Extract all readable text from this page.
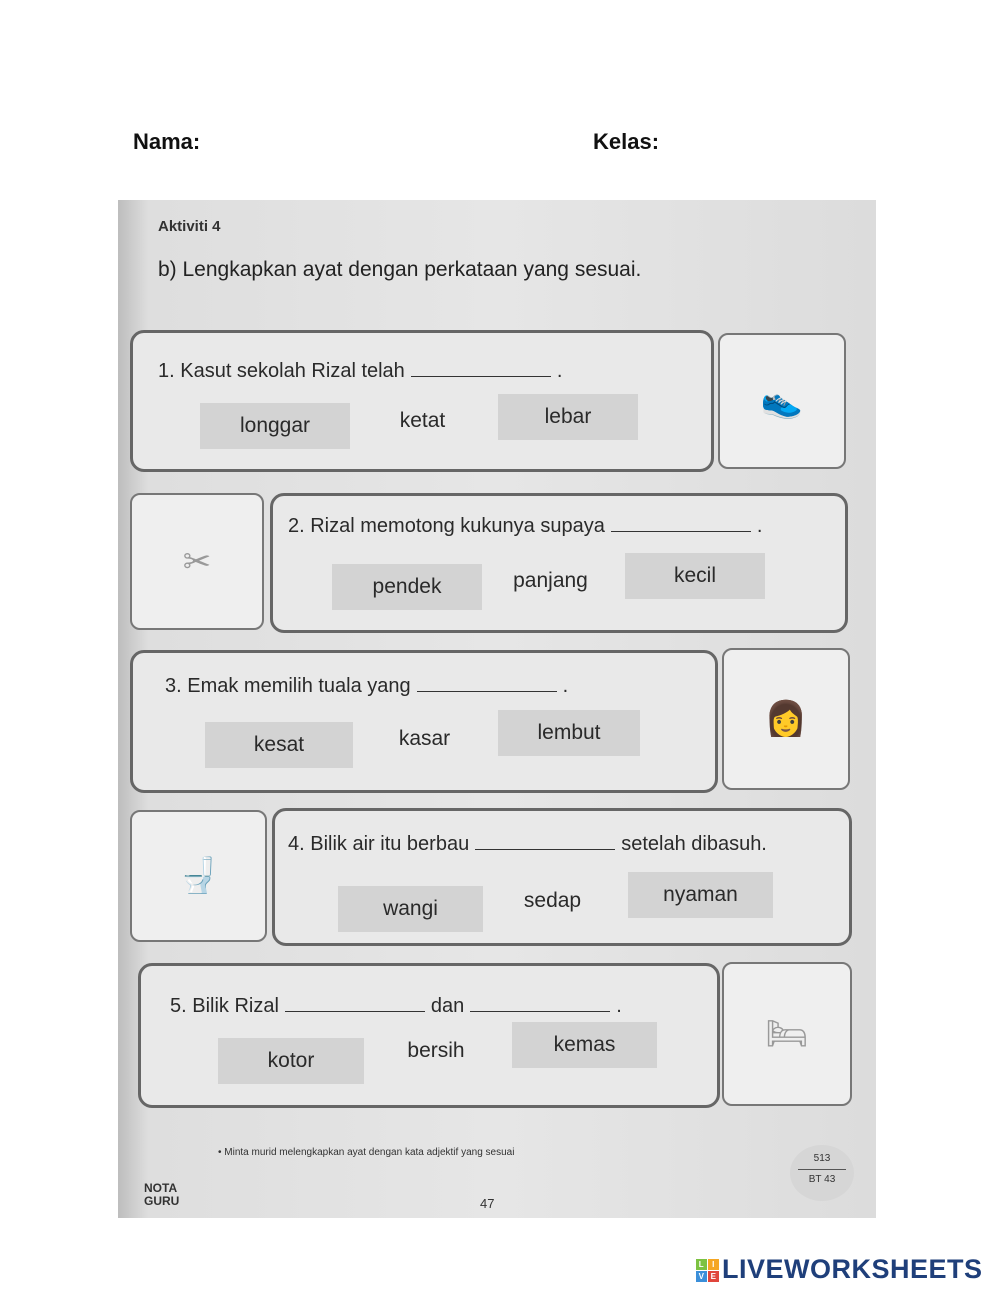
Nama:	Kelas:
Aktiviti 4
b) Lengkapkan ayat dengan perkataan yang sesuai.
👟
1. Kasut sekolah Rizal telah	.
longgar	ketat	lebar
✂
2. Rizal memotong kukunya supaya	.
pendek	panjang	kecil
👩
3. Emak memilih tuala yang	.
kesat	kasar	lembut
🚽
4. Bilik air itu berbau	setelah dibasuh.
wangi	sedap	nyaman
🛏
5. Bilik Rizal	dan	.
kotor	bersih	kemas
NOTA GURU
• Minta murid melengkapkan ayat dengan kata adjektif yang sesuai
47
513
BT 43
L I
V E LIVEWORKSHEETS
